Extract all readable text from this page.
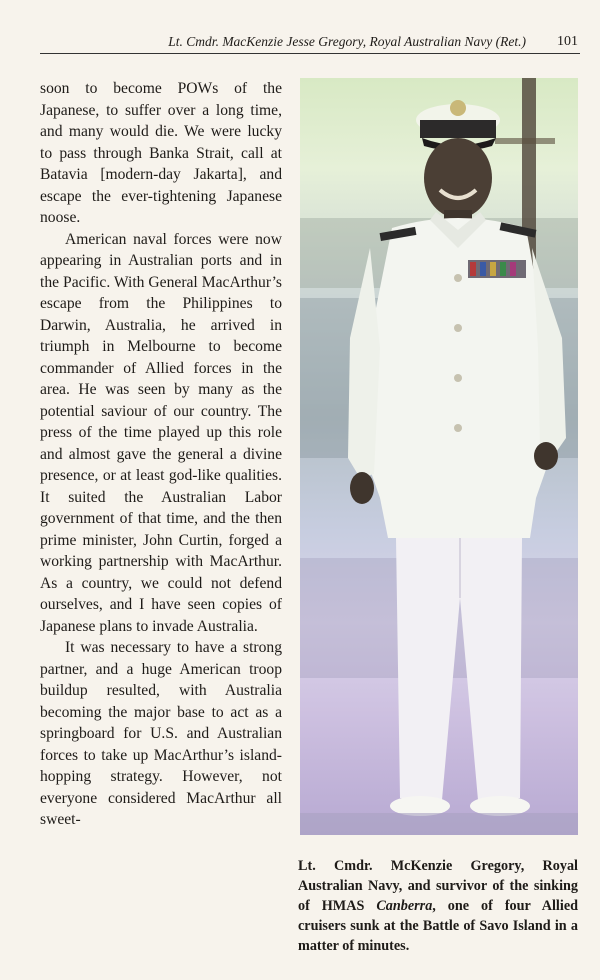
Lt. Cmdr. MacKenzie Jesse Gregory, Royal Australian Navy (Ret.) 101

soon to become POWs of the Japanese, to suffer over a long time, and many would die. We were lucky to pass through Banka Strait, call at Batavia [modern-day Jakarta], and escape the ever-tightening Japanese noose.

American naval forces were now appearing in Australian ports and in the Pacific. With General MacArthur’s escape from the Philippines to Darwin, Australia, he arrived in triumph in Melbourne to become commander of Allied forces in the area. He was seen by many as the potential saviour of our country. The press of the time played up this role and almost gave the general a divine presence, or at least god-like qualities. It suited the Australian Labor government of that time, and the then prime minister, John Curtin, forged a working partnership with MacArthur. As a country, we could not defend ourselves, and I have seen copies of Japanese plans to invade Australia.

It was necessary to have a strong partner, and a huge American troop buildup resulted, with Australia becoming the major base to act as a springboard for U.S. and Australian forces to take up MacArthur’s island-hopping strategy. However, not everyone considered MacArthur all sweet-

Lt. Cmdr. McKenzie Gregory, Royal Australian Navy, and survivor of the sinking of HMAS Canberra, one of four Allied cruisers sunk at the Battle of Savo Island in a matter of minutes.
